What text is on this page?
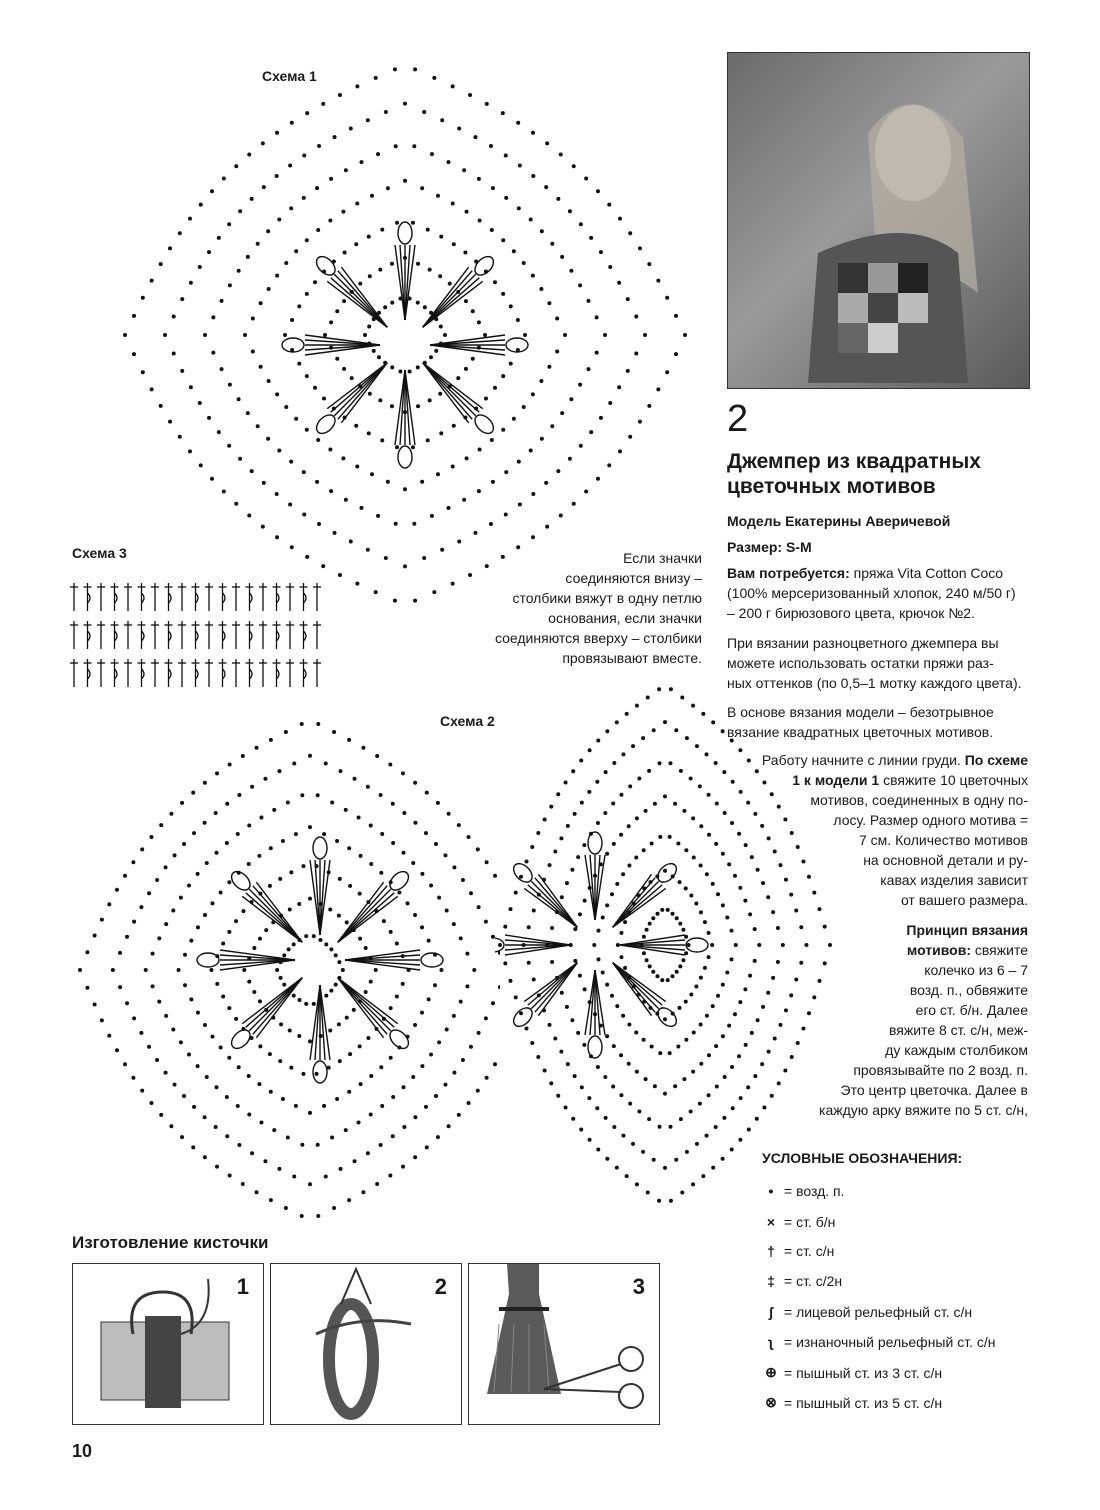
Схема 1
Схема 3
Схема 2
Если значки
соединяются внизу –
столбики вяжут в одну петлю
основания, если значки
соединяются вверху – столбики
провязывают вместе.
2
Джемпер из квадратных
цветочных мотивов
Модель Екатерины Аверичевой
Размер: S-M
Вам потребуется: пряжа Vita Cotton Coco
(100% мерсеризованный хлопок, 240 м/50 г)
– 200 г бирюзового цвета, крючок №2.
При вязании разноцветного джемпера вы
можете использовать остатки пряжи раз-
ных оттенков (по 0,5–1 мотку каждого цвета).
В основе вязания модели – безотрывное
вязание квадратных цветочных мотивов.
Работу начните с линии груди. По схеме
1 к модели 1 свяжите 10 цветочных
мотивов, соединенных в одну по-
лосу. Размер одного мотива =
7 см. Количество мотивов
на основной детали и ру-
кавах изделия зависит
от вашего размера.
Принцип вязания
мотивов: свяжите
колечко из 6 – 7
возд. п., обвяжите
его ст. б/н. Далее
вяжите 8 ст. с/н, меж-
ду каждым столбиком
провязывайте по 2 возд. п.
Это центр цветочка. Далее в
каждую арку вяжите по 5 ст. с/н,
УСЛОВНЫЕ ОБОЗНАЧЕНИЯ:
• = возд. п.
× = ст. б/н
† = ст. с/н
‡ = ст. с/2н
ʃ = лицевой рельефный ст. с/н
ʅ = изнаночный рельефный ст. с/н
⊕ = пышный ст. из 3 ст. с/н
⊗ = пышный ст. из 5 ст. с/н
Изготовление кисточки
1	2	3
10
